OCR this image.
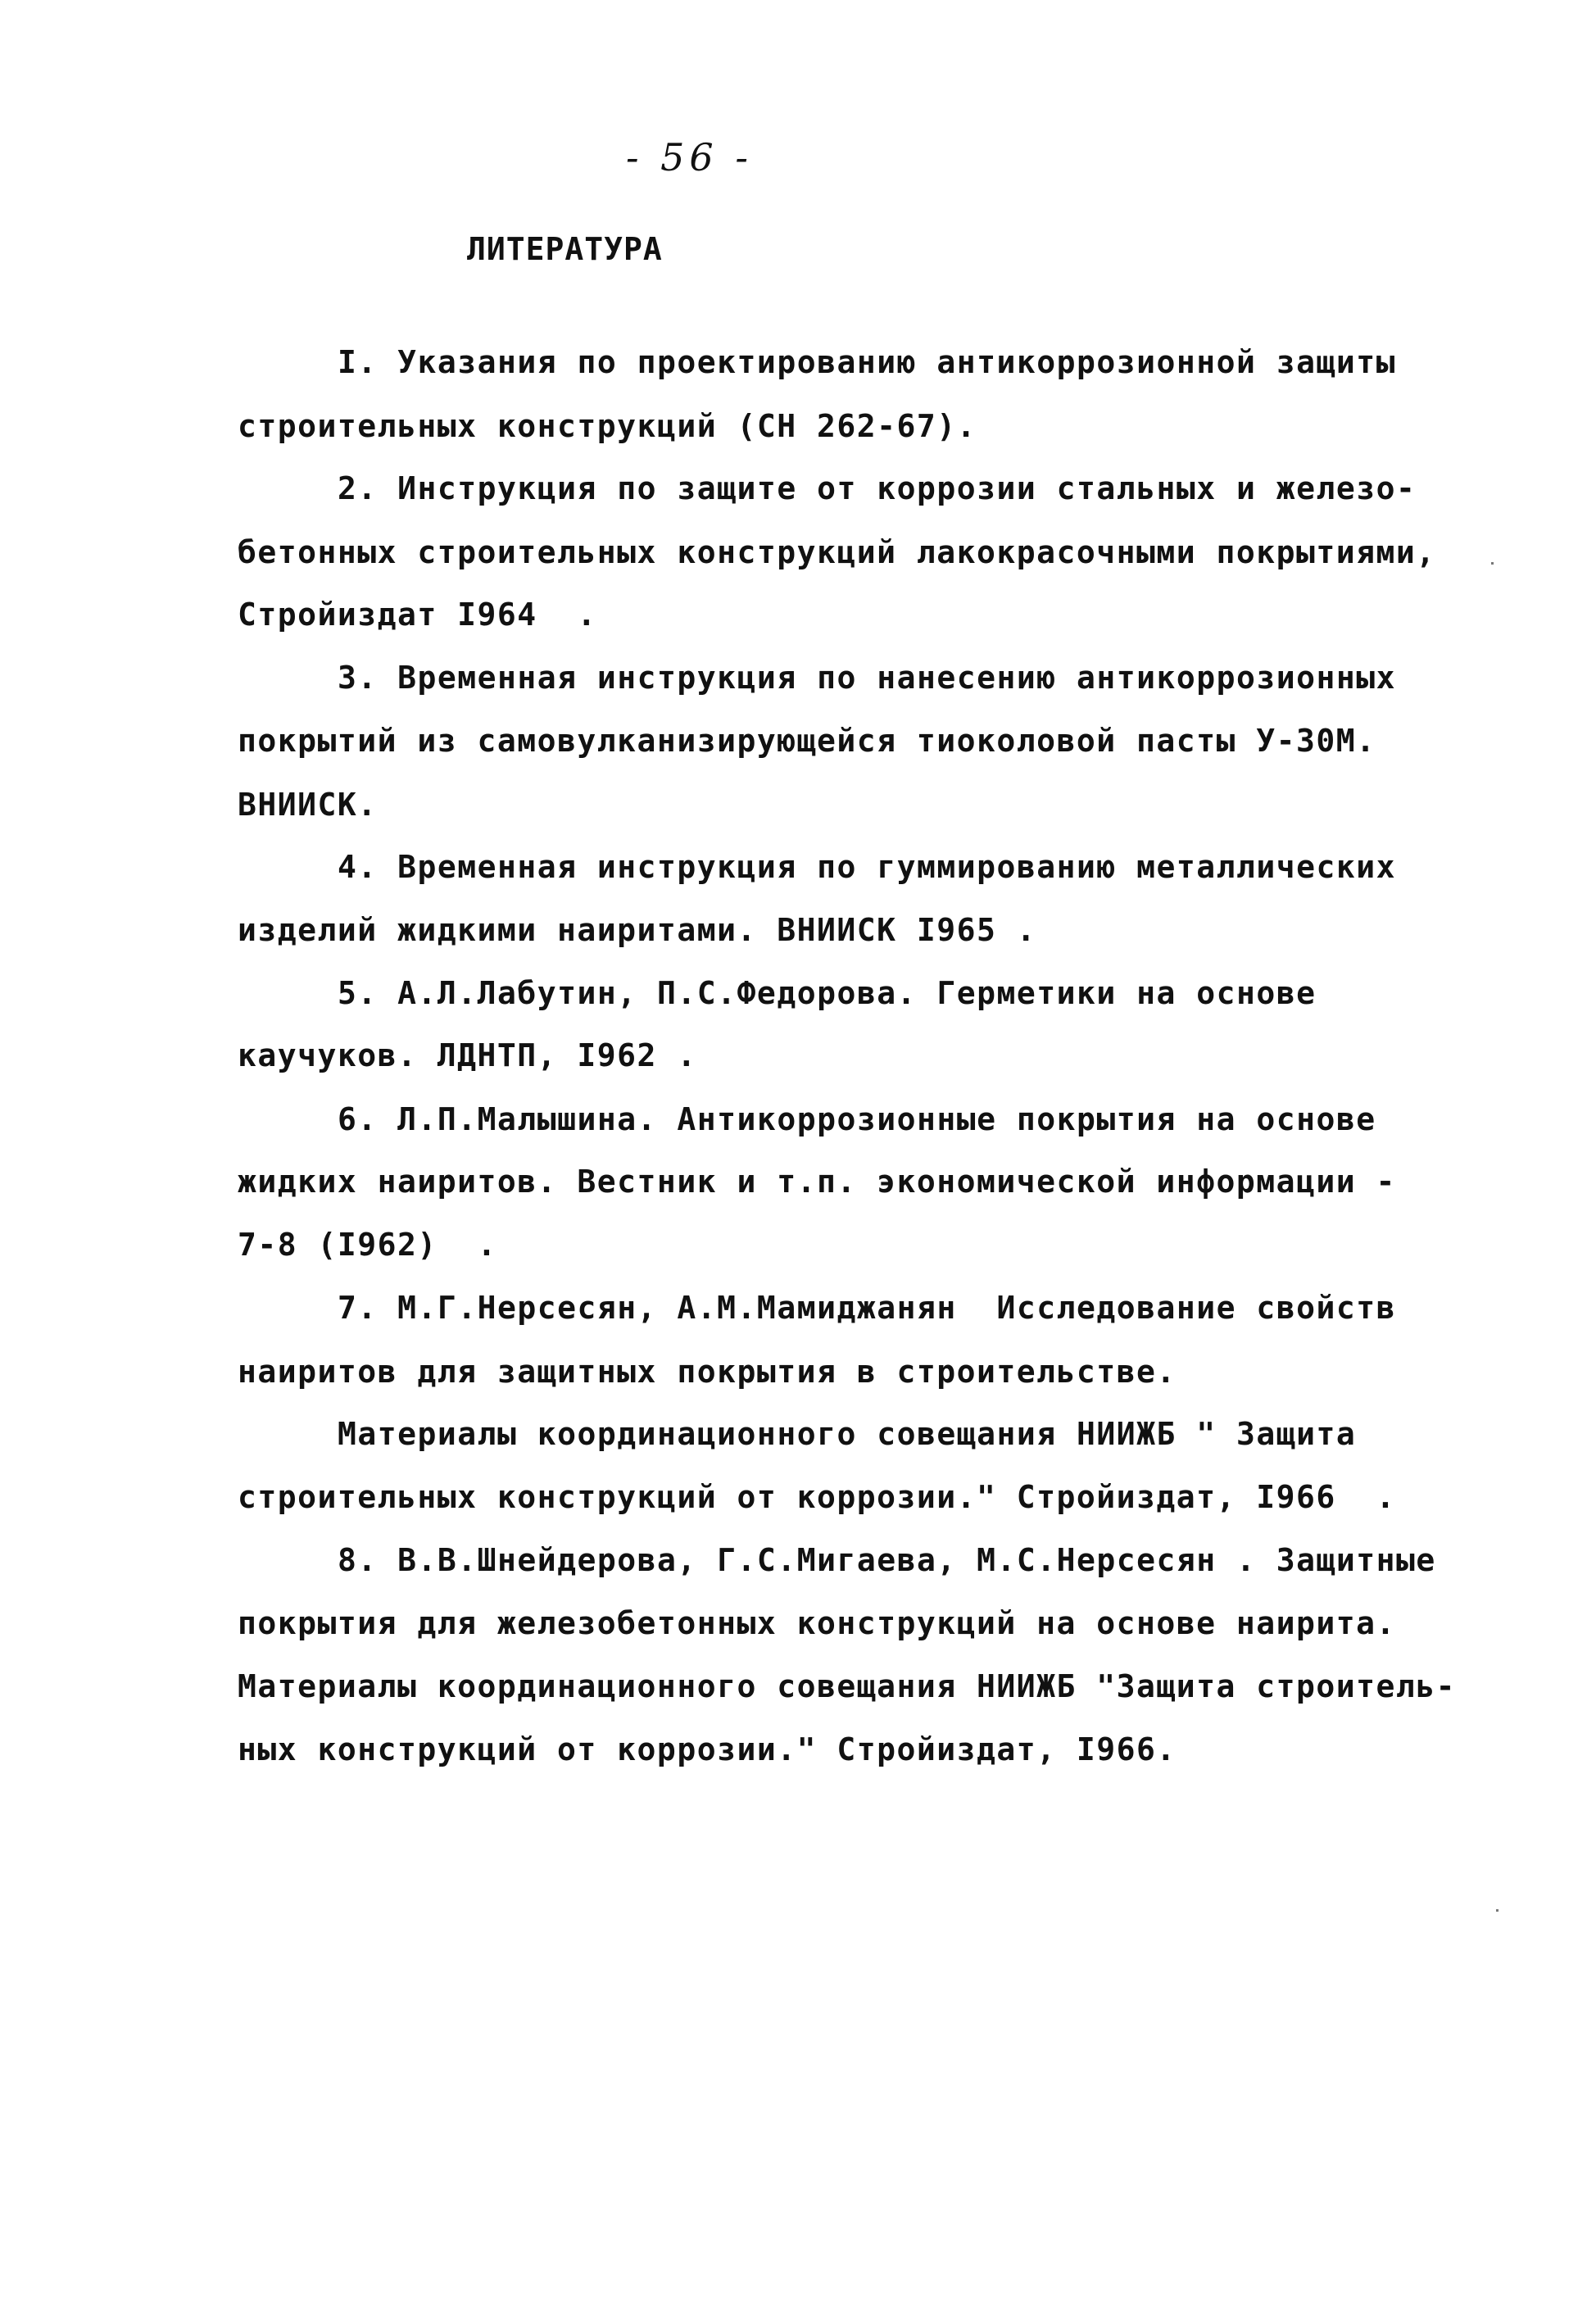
- 56 -
ЛИТЕРАТУРА
I. Указания по проектированию антикоррозионной защиты
строительных конструкций (СН 262-67).
2. Инструкция по защите от коррозии стальных и железо-
бетонных строительных конструкций лакокрасочными покрытиями,
Стройиздат I964  .
3. Временная инструкция по нанесению антикоррозионных
покрытий из самовулканизирующейся тиоколовой пасты У-30М.
ВНИИСК.
4. Временная инструкция по гуммированию металлических
изделий жидкими наиритами. ВНИИСК I965 .
5. А.Л.Лабутин, П.С.Федорова. Герметики на основе
каучуков. ЛДНТП, I962 .
6. Л.П.Малышина. Антикоррозионные покрытия на основе
жидких наиритов. Вестник и т.п. экономической информации -
7-8 (I962)  .
7. М.Г.Нерсесян, А.М.Мамиджанян  Исследование свойств
наиритов для защитных покрытия в строительстве.
Материалы координационного совещания НИИЖБ " Защита
строительных конструкций от коррозии." Стройиздат, I966  .
8. В.В.Шнейдерова, Г.С.Мигаева, М.С.Нерсесян . Защитные
покрытия для железобетонных конструкций на основе наирита.
Материалы координационного совещания НИИЖБ "Защита строитель-
ных конструкций от коррозии." Стройиздат, I966.
